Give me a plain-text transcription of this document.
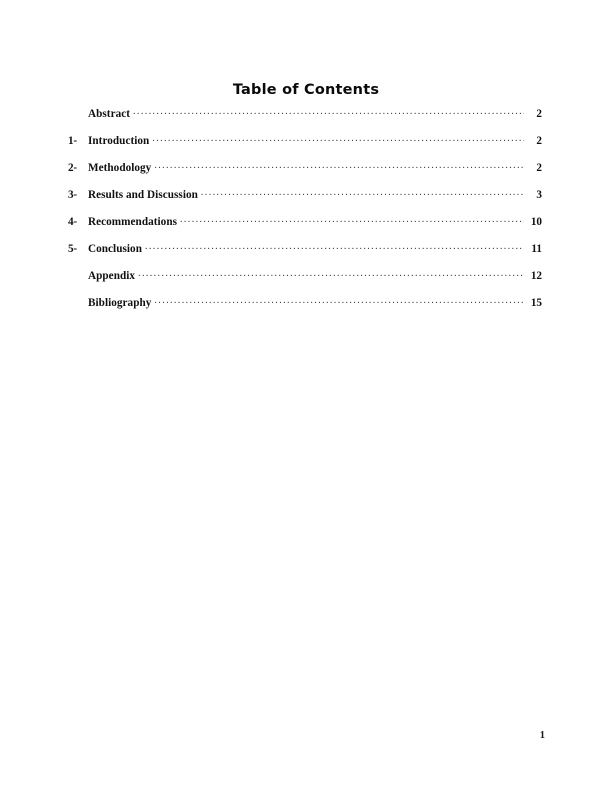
Table of Contents
Abstract . . .	2
1- Introduction . . .	2
2- Methodology . . .	2
3- Results and Discussion . . .	3
4- Recommendations . . .	10
5- Conclusion . . .	11
Appendix . . .	12
Bibliography . . .	15
1
